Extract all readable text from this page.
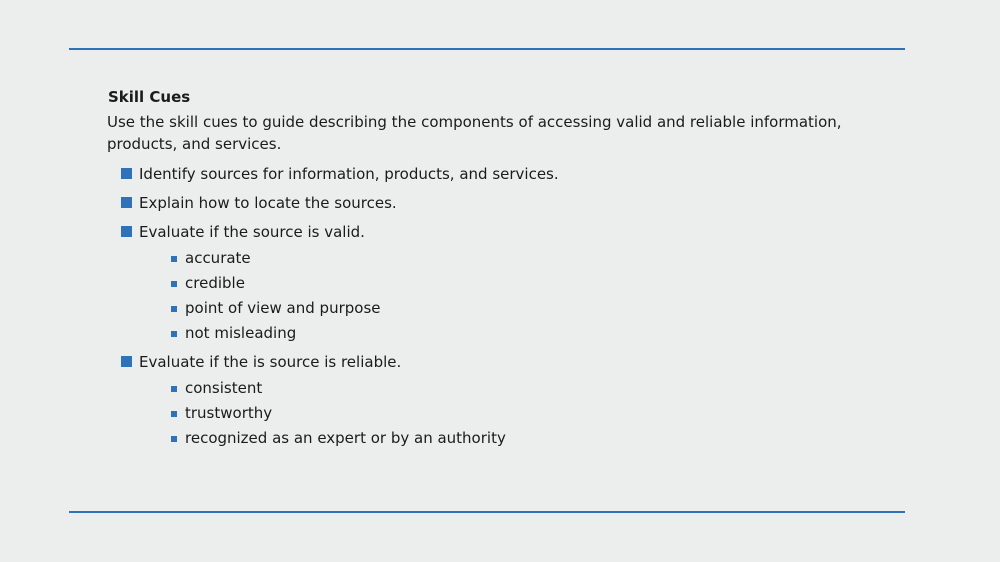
Skill Cues

Use the skill cues to guide describing the components of accessing valid and reliable information, products, and services.

Identify sources for information, products, and services.
Explain how to locate the sources.
Evaluate if the source is valid.
accurate
credible
point of view and purpose
not misleading
Evaluate if the is source is reliable.
consistent
trustworthy
recognized as an expert or by an authority
